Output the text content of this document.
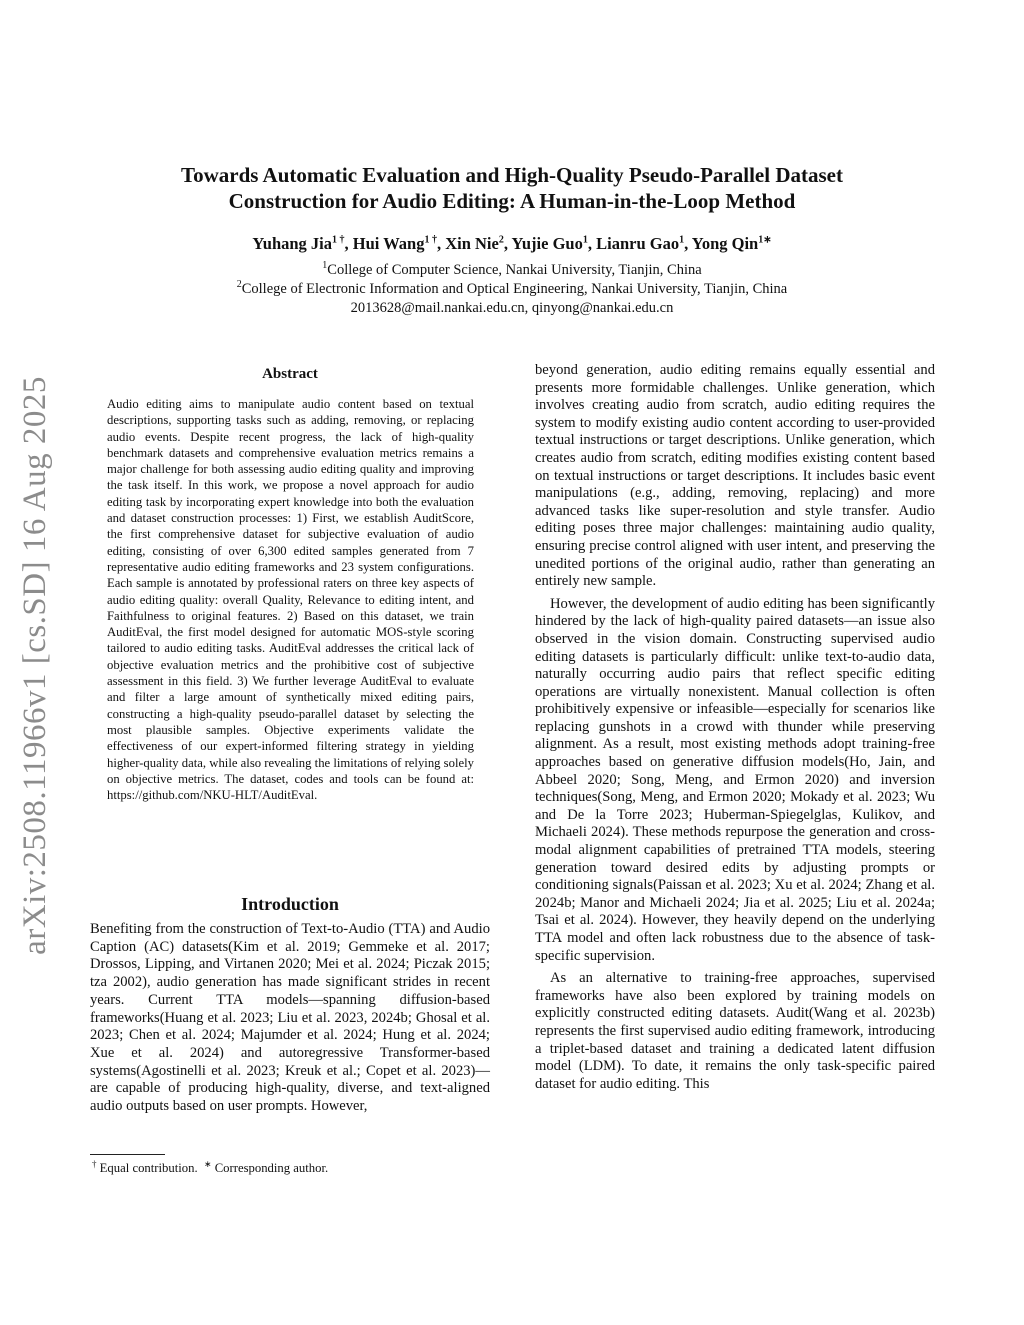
arXiv:2508.11966v1 [cs.SD] 16 Aug 2025
Towards Automatic Evaluation and High-Quality Pseudo-Parallel Dataset
Construction for Audio Editing: A Human-in-the-Loop Method
Yuhang Jia$^{1 \dagger}$, Hui Wang$^{1 \dagger}$, Xin Nie$^2$, Yujie Guo$^1$, Lianru Gao$^1$, Yong Qin$^{1∗}$
$^1$College of Computer Science, Nankai University, Tianjin, China
$^2$College of Electronic Information and Optical Engineering, Nankai University, Tianjin, China
2013628@mail.nankai.edu.cn, qinyong@nankai.edu.cn
Abstract
Audio editing aims to manipulate audio content based on textual descriptions, supporting tasks such as adding, removing, or replacing audio events. Despite recent progress, the lack of high-quality benchmark datasets and comprehensive evaluation metrics remains a major challenge for both assessing audio editing quality and improving the task itself. In this work, we propose a novel approach for audio editing task by incorporating expert knowledge into both the evaluation and dataset construction processes: 1) First, we establish AuditScore, the first comprehensive dataset for subjective evaluation of audio editing, consisting of over 6,300 edited samples generated from 7 representative audio editing frameworks and 23 system configurations. Each sample is annotated by professional raters on three key aspects of audio editing quality: overall Quality, Relevance to editing intent, and Faithfulness to original features. 2) Based on this dataset, we train AuditEval, the first model designed for automatic MOS-style scoring tailored to audio editing tasks. AuditEval addresses the critical lack of objective evaluation metrics and the prohibitive cost of subjective assessment in this field. 3) We further leverage AuditEval to evaluate and filter a large amount of synthetically mixed editing pairs, constructing a high-quality pseudo-parallel dataset by selecting the most plausible samples. Objective experiments validate the effectiveness of our expert-informed filtering strategy in yielding higher-quality data, while also revealing the limitations of relying solely on objective metrics. The dataset, codes and tools can be found at: https://github.com/NKU-HLT/AuditEval.
Introduction
Benefiting from the construction of Text-to-Audio (TTA) and Audio Caption (AC) datasets(Kim et al. 2019; Gemmeke et al. 2017; Drossos, Lipping, and Virtanen 2020; Mei et al. 2024; Piczak 2015; tza 2002), audio generation has made significant strides in recent years. Current TTA models—spanning diffusion-based frameworks(Huang et al. 2023; Liu et al. 2023, 2024b; Ghosal et al. 2023; Chen et al. 2024; Majumder et al. 2024; Hung et al. 2024; Xue et al. 2024) and autoregressive Transformer-based systems(Agostinelli et al. 2023; Kreuk et al.; Copet et al. 2023)—are capable of producing high-quality, diverse, and text-aligned audio outputs based on user prompts. However,
† Equal contribution. ∗ Corresponding author.

beyond generation, audio editing remains equally essential and presents more formidable challenges. Unlike generation, which involves creating audio from scratch, audio editing requires the system to modify existing audio content according to user-provided textual instructions or target descriptions. Unlike generation, which creates audio from scratch, editing modifies existing content based on textual instructions or target descriptions. It includes basic event manipulations (e.g., adding, removing, replacing) and more advanced tasks like super-resolution and style transfer. Audio editing poses three major challenges: maintaining audio quality, ensuring precise control aligned with user intent, and preserving the unedited portions of the original audio, rather than generating an entirely new sample.

However, the development of audio editing has been significantly hindered by the lack of high-quality paired datasets—an issue also observed in the vision domain. Constructing supervised audio editing datasets is particularly difficult: unlike text-to-audio data, naturally occurring audio pairs that reflect specific editing operations are virtually nonexistent. Manual collection is often prohibitively expensive or infeasible—especially for scenarios like replacing gunshots in a crowd with thunder while preserving alignment. As a result, most existing methods adopt training-free approaches based on generative diffusion models(Ho, Jain, and Abbeel 2020; Song, Meng, and Ermon 2020) and inversion techniques(Song, Meng, and Ermon 2020; Mokady et al. 2023; Wu and De la Torre 2023; Huberman-Spiegelglas, Kulikov, and Michaeli 2024). These methods repurpose the generation and cross-modal alignment capabilities of pretrained TTA models, steering generation toward desired edits by adjusting prompts or conditioning signals(Paissan et al. 2023; Xu et al. 2024; Zhang et al. 2024b; Manor and Michaeli 2024; Jia et al. 2025; Liu et al. 2024a; Tsai et al. 2024). However, they heavily depend on the underlying TTA model and often lack robustness due to the absence of task-specific supervision.

As an alternative to training-free approaches, supervised frameworks have also been explored by training models on explicitly constructed editing datasets. Audit(Wang et al. 2023b) represents the first supervised audio editing framework, introducing a triplet-based dataset and training a dedicated latent diffusion model (LDM). To date, it remains the only task-specific paired dataset for audio editing. This
